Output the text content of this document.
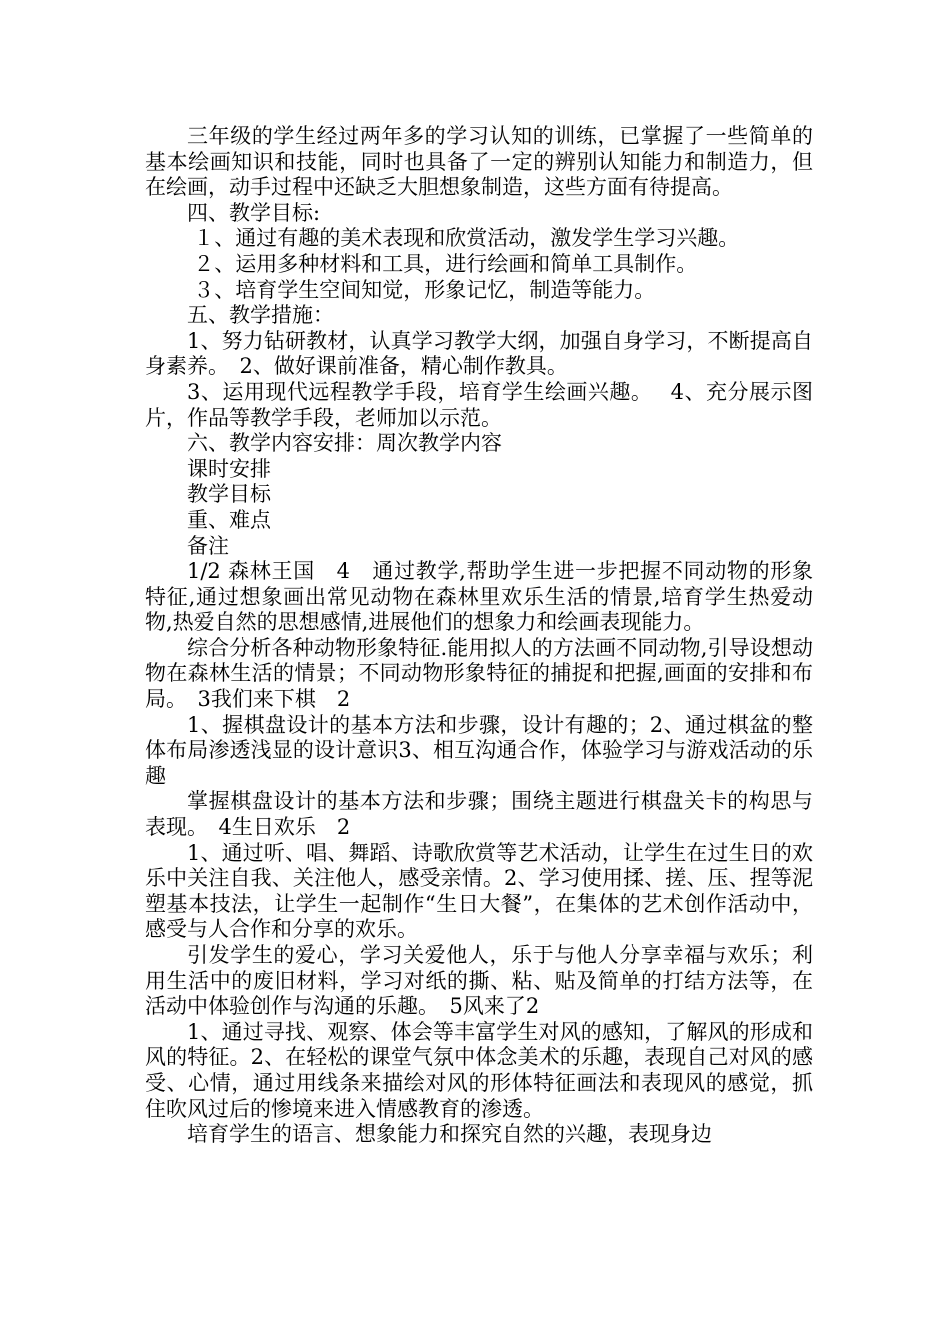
三年级的学生经过两年多的学习认知的训练，已掌握了一些简单的基本绘画知识和技能，同时也具备了一定的辨别认知能力和制造力，但在绘画，动手过程中还缺乏大胆想象制造，这些方面有待提高。

四、教学目标:

１、通过有趣的美术表现和欣赏活动，激发学生学习兴趣。

２、运用多种材料和工具，进行绘画和简单工具制作。

３、培育学生空间知觉，形象记忆，制造等能力。

五、教学措施：

1、努力钻研教材，认真学习教学大纲，加强自身学习，不断提高自身素养。　2、做好课前准备，精心制作教具。

3、运用现代远程教学手段，培育学生绘画兴趣。　 4、充分展示图片，作品等教学手段，老师加以示范。

六、教学内容安排：周次教学内容

课时安排

教学目标

重、难点

备注

1/2 森林王国　4　通过教学,帮助学生进一步把握不同动物的形象特征,通过想象画出常见动物在森林里欢乐生活的情景,培育学生热爱动物,热爱自然的思想感情,进展他们的想象力和绘画表现能力。

综合分析各种动物形象特征.能用拟人的方法画不同动物,引导设想动物在森林生活的情景；不同动物形象特征的捕捉和把握,画面的安排和布局。　3我们来下棋　2

1、握棋盘设计的基本方法和步骤，设计有趣的；2、通过棋盆的整体布局渗透浅显的设计意识3、相互沟通合作，体验学习与游戏活动的乐趣

掌握棋盘设计的基本方法和步骤；围绕主题进行棋盘关卡的构思与表现。　4生日欢乐　2

1、通过听、唱、舞蹈、诗歌欣赏等艺术活动，让学生在过生日的欢乐中关注自我、关注他人，感受亲情。2、学习使用揉、搓、压、捏等泥塑基本技法，让学生一起制作“生日大餐”，在集体的艺术创作活动中，感受与人合作和分享的欢乐。

引发学生的爱心，学习关爱他人，乐于与他人分享幸福与欢乐；利用生活中的废旧材料，学习对纸的撕、粘、贴及简单的打结方法等，在活动中体验创作与沟通的乐趣。　5风来了2

1、通过寻找、观察、体会等丰富学生对风的感知，了解风的形成和风的特征。2、在轻松的课堂气氛中体念美术的乐趣，表现自己对风的感受、心情，通过用线条来描绘对风的形体特征画法和表现风的感觉，抓住吹风过后的惨境来进入情感教育的渗透。

培育学生的语言、想象能力和探究自然的兴趣，表现身边
